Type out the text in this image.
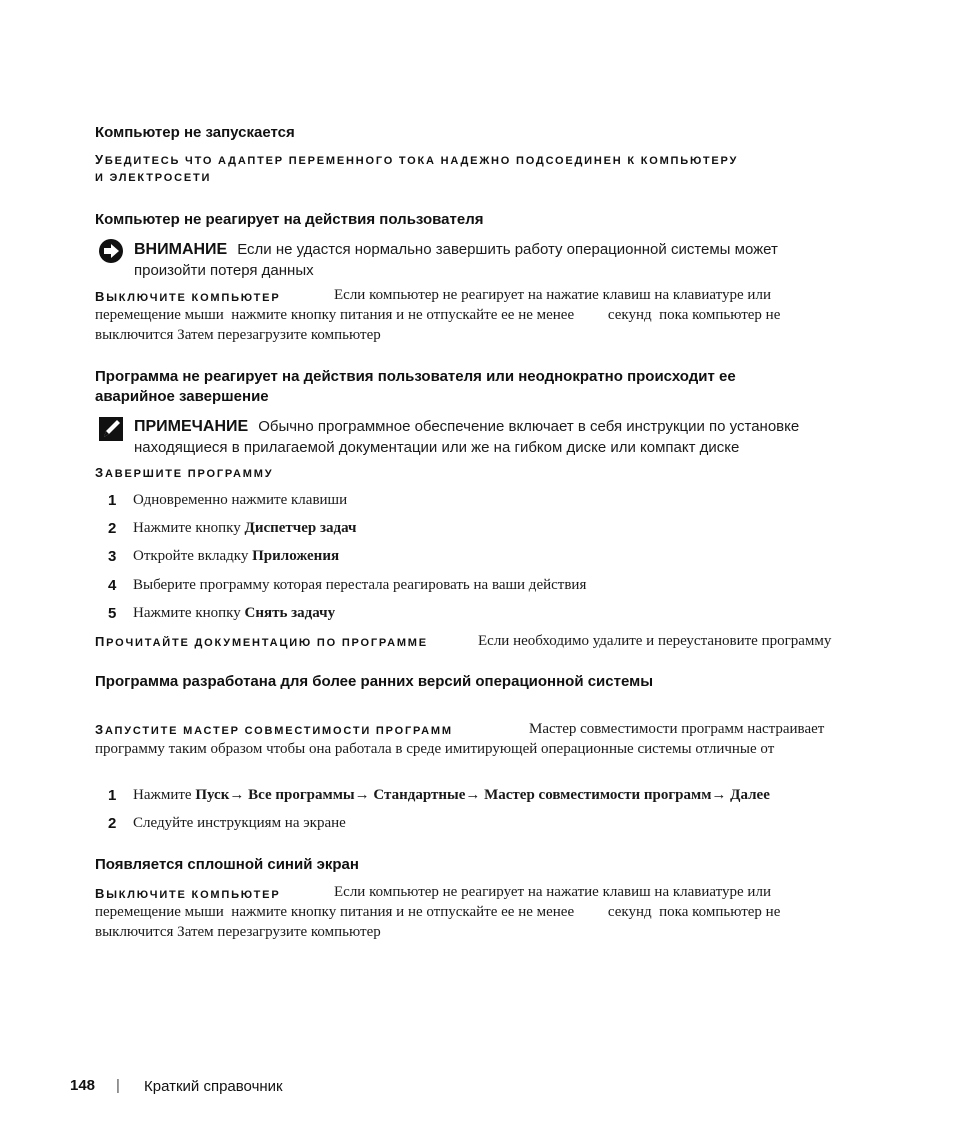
Компьютер не запускается
УБЕДИТЕСЬ ЧТО АДАПТЕР ПЕРЕМЕННОГО ТОКА НАДЕЖНО ПОДСОЕДИНЕН К КОМПЬЮТЕРУ
И ЭЛЕКТРОСЕТИ
Компьютер не реагирует на действия пользователя
ВНИМАНИЕ Если не удастся нормально завершить работу операционной системы может
произойти потеря данных
ВЫКЛЮЧИТЕ КОМПЬЮТЕР	Если компьютер не реагирует на нажатие клавиш на клавиатуре или
перемещение мыши  нажмите кнопку питания и не отпускайте ее не менее         секунд  пока компьютер не
выключится Затем перезагрузите компьютер
Программа не реагирует на действия пользователя или неоднократно происходит ее
аварийное завершение
ПРИМЕЧАНИЕ Обычно программное обеспечение включает в себя инструкции по установке
находящиеся в прилагаемой документации или же на гибком диске или компакт диске
ЗАВЕРШИТЕ ПРОГРАММУ
1 Одновременно нажмите клавиши
2 Нажмите кнопку Диспетчер задач
3 Откройте вкладку Приложения
4 Выберите программу которая перестала реагировать на ваши действия
5 Нажмите кнопку Снять задачу
ПРОЧИТАЙТЕ ДОКУМЕНТАЦИЮ ПО ПРОГРАММЕ	Если необходимо удалите и переустановите программу
Программа разработана для более ранних версий операционной системы
ЗАПУСТИТЕ МАСТЕР СОВМЕСТИМОСТИ ПРОГРАММ	Мастер совместимости программ настраивает
программу таким образом чтобы она работала в среде имитирующей операционные системы отличные от
1 Нажмите Пуск→ Все программы→ Стандартные→ Мастер совместимости программ→ Далее
2 Следуйте инструкциям на экране
Появляется сплошной синий экран
ВЫКЛЮЧИТЕ КОМПЬЮТЕР	Если компьютер не реагирует на нажатие клавиш на клавиатуре или
перемещение мыши  нажмите кнопку питания и не отпускайте ее не менее         секунд  пока компьютер не
выключится Затем перезагрузите компьютер
148 | Краткий справочник
